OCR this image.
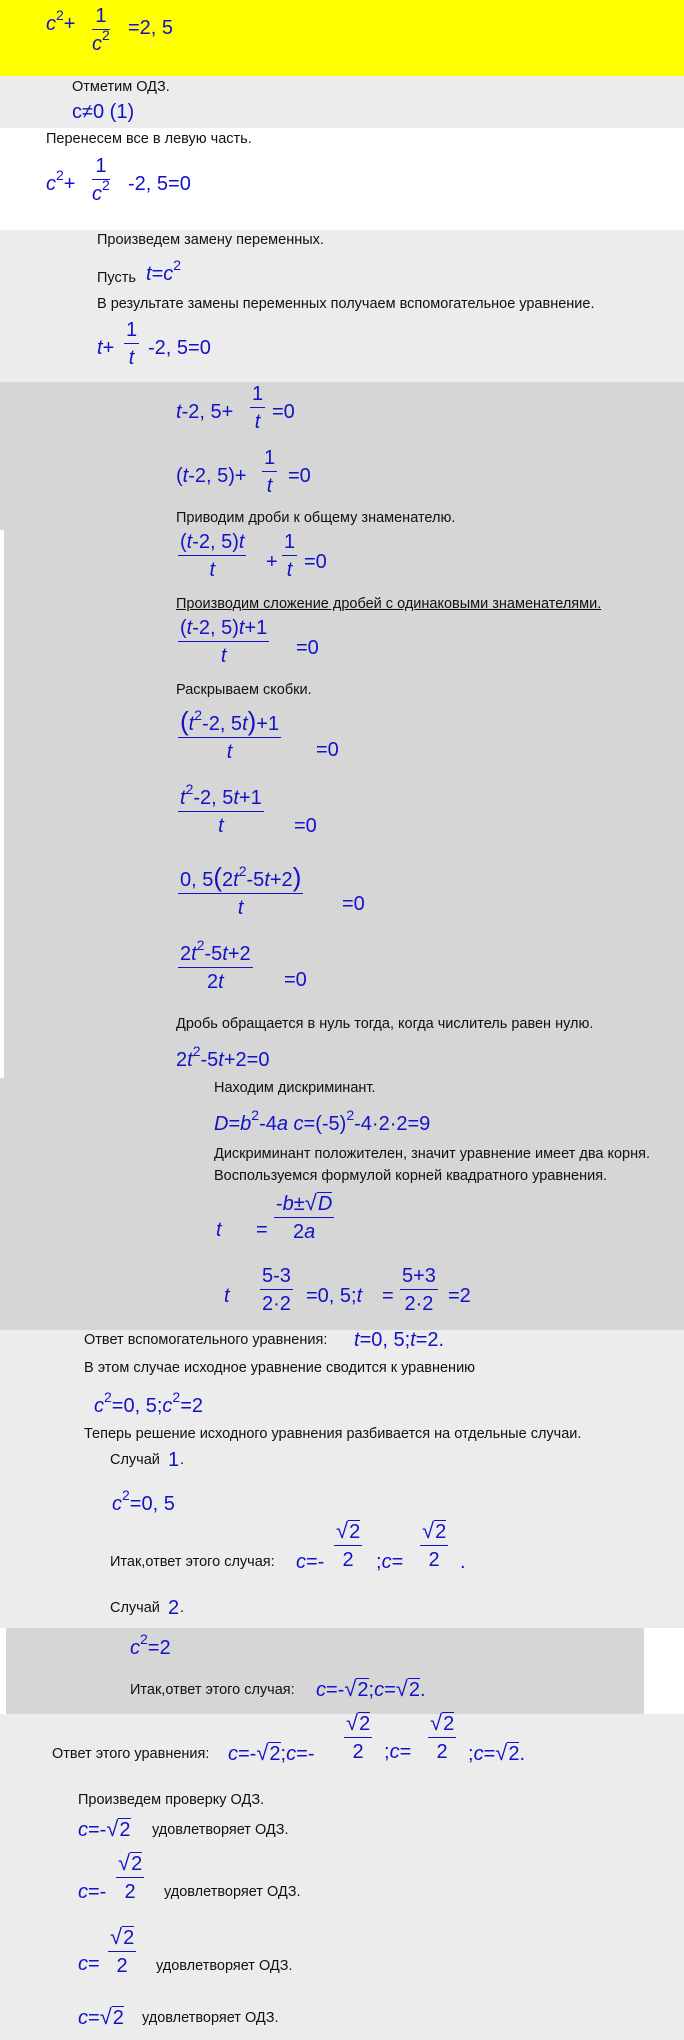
$c^2+ \frac{1}{c^2} =2$, 5
Отметим ОДЗ.
c≠0 (1)
Перенесем все в левую часть.
$c^2+ \frac{1}{c^2} -2$, 5=0
Произведем замену переменных.
Пусть $t=c^2$
В результате замены переменных получаем вспомогательное уравнение.
$t+ \frac{1}{t} -2$, 5=0
t-2, $5+ \frac{1}{t} =0$
(t-2, $5)+ \frac{1}{t} =0$
Приводим дроби к общему знаменателю.
$\frac{(t-2, 5)t}{t} + \frac{1}{t} =0$
Производим сложение дробей с одинаковыми знаменателями.
$\frac{(t-2, 5)t+1}{t} =0$
Раскрываем скобки.
$\frac{(t^2-2, 5t)+1}{t} =0$
$\frac{t^2-2, 5t+1}{t} =0$
$\frac{0, 5(2t^2-5t+2)}{t} =0$
$\frac{2t^2-5t+2}{2t} =0$
Дробь обращается в нуль тогда, когда числитель равен нулю.
$2t^2-5t+2=0$
Находим дискриминант.
$D=b^2-4a$ $c=(-5)^2-4\cdot 2\cdot 2=9$
Дискриминант положителен, значит уравнение имеет два корня.
Воспользуемся формулой корней квадратного уравнения.
$t = \frac{-b\pm√D}{2a}$
t $\frac{5-3}{2\cdot 2} =0$, 5;t = $\frac{5+3}{2\cdot 2} =2$
Ответ вспомогательного уравнения: t=0, 5;t=2.
В этом случае исходное уравнение сводится к уравнению
$c^2=0$, $5;c^2=2$
Теперь решение исходного уравнения разбивается на отдельные случаи.
Случай 1 .
$c^2=0$, 5
Итак,ответ этого случая: $c=- \frac{√2}{2}$ ;c= $\frac{√2}{2}$ .
Случай 2 .
$c^2=2$
Итак,ответ этого случая: c=-√2;c=√2.
Ответ этого уравнения: c=-√2;c=- $\frac{√2}{2}$ ;c= $\frac{√2}{2}$ ;c=√2.
Произведем проверку ОДЗ.
c=-√2 удовлетворяет ОДЗ.
$c=- \frac{√2}{2}$ удовлетворяет ОДЗ.
$c= \frac{√2}{2}$ удовлетворяет ОДЗ.
c=√2 удовлетворяет ОДЗ.
